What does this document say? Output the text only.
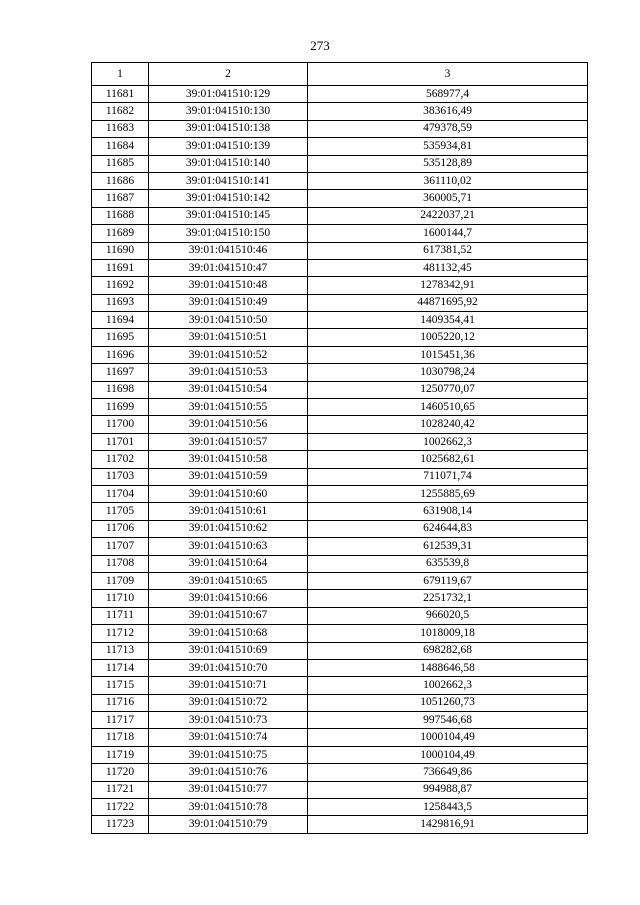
273
1	2	3
11681	39:01:041510:129	568977,4
11682	39:01:041510:130	383616,49
11683	39:01:041510:138	479378,59
11684	39:01:041510:139	535934,81
11685	39:01:041510:140	535128,89
11686	39:01:041510:141	361110,02
11687	39:01:041510:142	360005,71
11688	39:01:041510:145	2422037,21
11689	39:01:041510:150	1600144,7
11690	39:01:041510:46	617381,52
11691	39:01:041510:47	481132,45
11692	39:01:041510:48	1278342,91
11693	39:01:041510:49	44871695,92
11694	39:01:041510:50	1409354,41
11695	39:01:041510:51	1005220,12
11696	39:01:041510:52	1015451,36
11697	39:01:041510:53	1030798,24
11698	39:01:041510:54	1250770,07
11699	39:01:041510:55	1460510,65
11700	39:01:041510:56	1028240,42
11701	39:01:041510:57	1002662,3
11702	39:01:041510:58	1025682,61
11703	39:01:041510:59	711071,74
11704	39:01:041510:60	1255885,69
11705	39:01:041510:61	631908,14
11706	39:01:041510:62	624644,83
11707	39:01:041510:63	612539,31
11708	39:01:041510:64	635539,8
11709	39:01:041510:65	679119,67
11710	39:01:041510:66	2251732,1
11711	39:01:041510:67	966020,5
11712	39:01:041510:68	1018009,18
11713	39:01:041510:69	698282,68
11714	39:01:041510:70	1488646,58
11715	39:01:041510:71	1002662,3
11716	39:01:041510:72	1051260,73
11717	39:01:041510:73	997546,68
11718	39:01:041510:74	1000104,49
11719	39:01:041510:75	1000104,49
11720	39:01:041510:76	736649,86
11721	39:01:041510:77	994988,87
11722	39:01:041510:78	1258443,5
11723	39:01:041510:79	1429816,91
